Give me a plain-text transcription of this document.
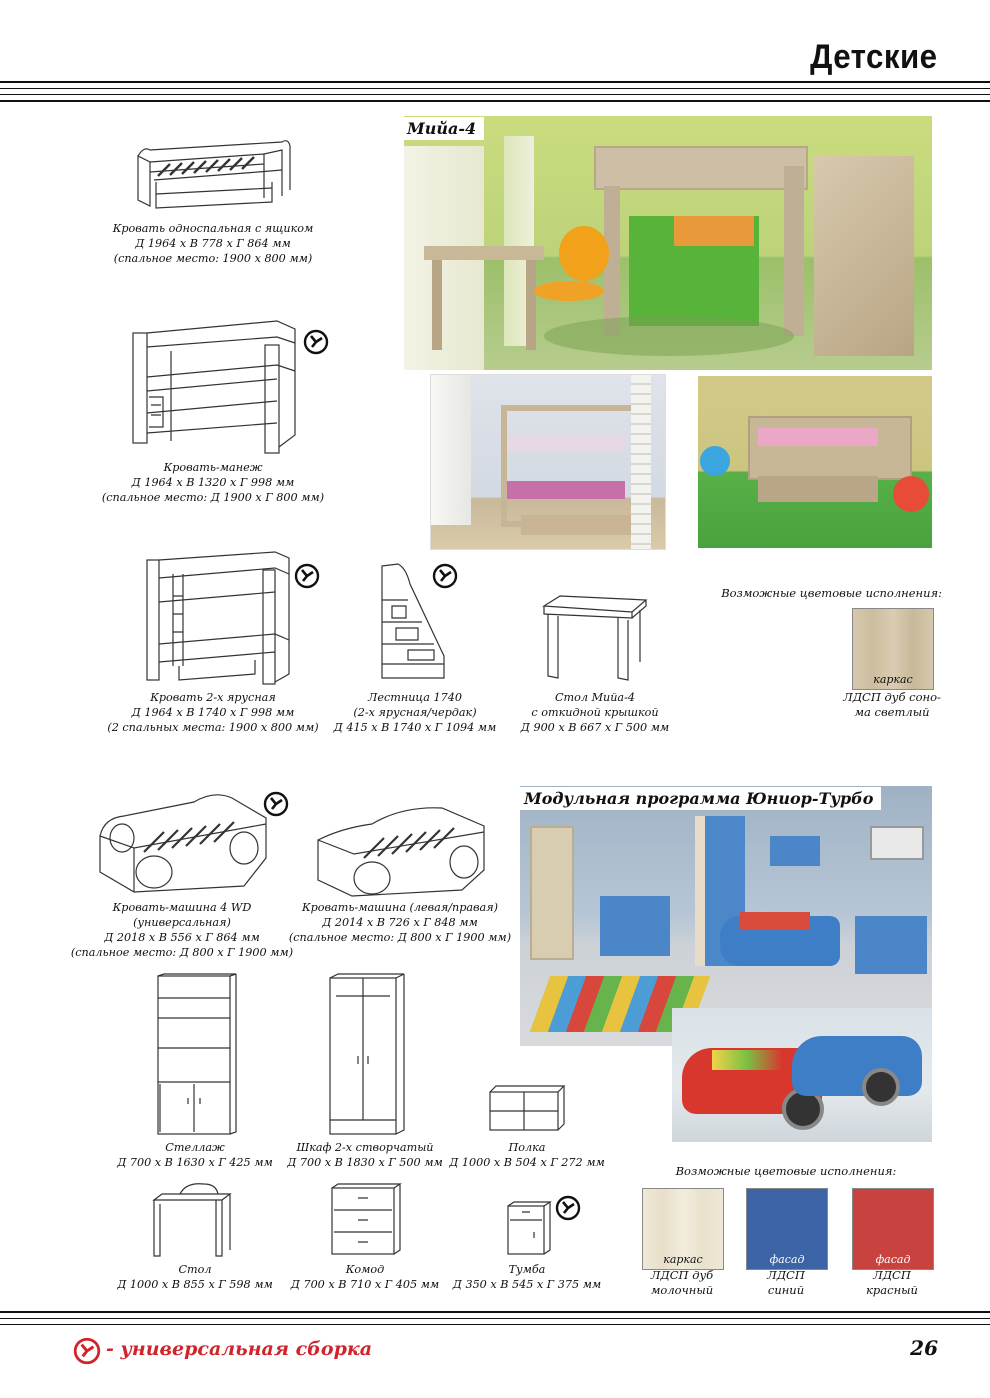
Детские
Кровать односпальная с ящиком
Д 1964 х В 778 х Г 864 мм
(спальное место: 1900 х 800 мм)
Кровать-манеж
Д 1964 х В 1320 х Г 998 мм
(спальное место: Д 1900 х Г 800 мм)
Кровать 2-х ярусная
Д 1964 х В 1740 х Г 998 мм
(2 спальных места: 1900 х 800 мм)
Лестница 1740
(2-х ярусная/чердак)
Д 415 х В 1740 х Г 1094 мм
Стол Мийа-4
с откидной крышкой
Д 900 х В 667 х Г 500 мм
Мийа-4
Возможные цветовые исполнения:
каркас
ЛДСП дуб соно-
ма светлый
Кровать-машина 4 WD
(универсальная)
Д 2018 х В 556 х Г 864 мм
(спальное место: Д 800 х Г 1900 мм)
Кровать-машина (левая/правая)
Д 2014 х В 726 х Г 848 мм
(спальное место: Д 800 х Г 1900 мм)
Стеллаж
Д 700 х В 1630 х Г 425 мм
Шкаф 2-х створчатый
Д 700 х В 1830 х Г 500 мм
Полка
Д 1000 х В 504 х Г 272 мм
Стол
Д 1000 х В 855 х Г 598 мм
Комод
Д 700 х В 710 х Г 405 мм
Тумба
Д 350 х В 545 х Г 375 мм
Модульная программа Юниор-Турбо
Возможные цветовые исполнения:
каркас	фасад	фасад
ЛДСП дуб
молочный
ЛДСП
синий
ЛДСП
красный
- универсальная сборка	26
